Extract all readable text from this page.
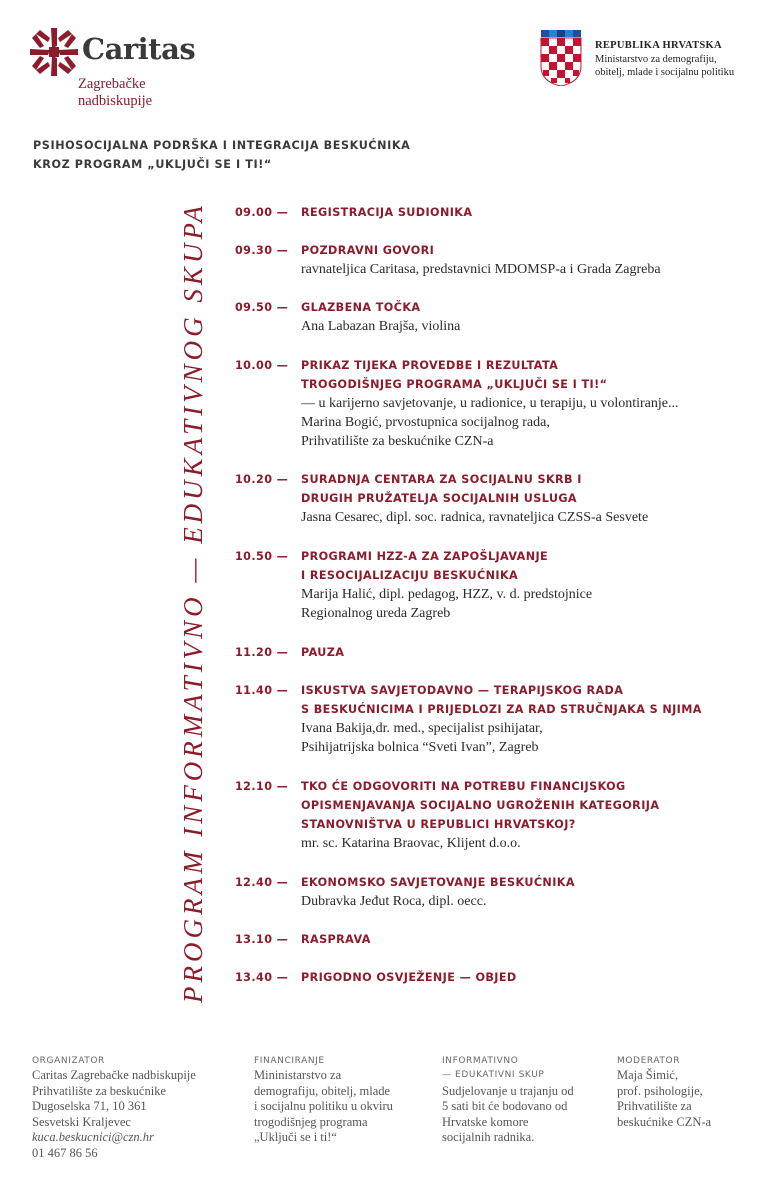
Caritas
Zagrebačke nadbiskupije
REPUBLIKA HRVATSKA
Ministarstvo za demografiju,
obitelj, mlade i socijalnu politiku
PSIHOSOCIJALNA PODRŠKA I INTEGRACIJA BESKUĆNIKA
KROZ PROGRAM „UKLJUČI SE I TI!“
PROGRAM INFORMATIVNO — EDUKATIVNOG SKUPA 09.00 — REGISTRACIJA SUDIONIKA
09.30 — POZDRAVNI GOVORI
ravnateljica Caritasa, predstavnici MDOMSP-a i Grada Zagreba
09.50 — GLAZBENA TOČKA
Ana Labazan Brajša, violina
10.00 — PRIKAZ TIJEKA PROVEDBE I REZULTATA
TROGODIŠNJEG PROGRAMA „UKLJUČI SE I TI!“
— u karijerno savjetovanje, u radionice, u terapiju, u volontiranje...
Marina Bogić, prvostupnica socijalnog rada,
Prihvatilište za beskućnike CZN-a
10.20 — SURADNJA CENTARA ZA SOCIJALNU SKRB I
DRUGIH PRUŽATELJA SOCIJALNIH USLUGA
Jasna Cesarec, dipl. soc. radnica, ravnateljica CZSS-a Sesvete
10.50 — PROGRAMI HZZ-A ZA ZAPOŠLJAVANJE
I RESOCIJALIZACIJU BESKUĆNIKA
Marija Halić, dipl. pedagog, HZZ, v. d. predstojnice
Regionalnog ureda Zagreb
11.20 — PAUZA
11.40 — ISKUSTVA SAVJETODAVNO — TERAPIJSKOG RADA
S BESKUĆNICIMA I PRIJEDLOZI ZA RAD STRUČNJAKA S NJIMA
Ivana Bakija,dr. med., specijalist psihijatar,
Psihijatrijska bolnica “Sveti Ivan”, Zagreb
12.10 — TKO ĆE ODGOVORITI NA POTREBU FINANCIJSKOG
OPISMENJAVANJA SOCIJALNO UGROŽENIH KATEGORIJA
STANOVNIŠTVA U REPUBLICI HRVATSKOJ?
mr. sc. Katarina Braovac, Klijent d.o.o.
12.40 — EKONOMSKO SAVJETOVANJE BESKUĆNIKA
Dubravka Jeđut Roca, dipl. oecc.
13.10 — RASPRAVA
13.40 — PRIGODNO OSVJEŽENJE — OBJED
ORGANIZATOR
Caritas Zagrebačke nadbiskupije
Prihvatilište za beskućnike
Dugoselska 71, 10 361
Sesvetski Kraljevec
kuca.beskucnici@czn.hr
01 467 86 56
FINANCIRANJE
Mininistarstvo za
demografiju, obitelj, mlade
i socijalnu politiku u okviru
trogodišnjeg programa
„Uključi se i ti!“
INFORMATIVNO
— EDUKATIVNI SKUP
Sudjelovanje u trajanju od
5 sati bit će bodovano od
Hrvatske komore
socijalnih radnika.
MODERATOR
Maja Šimić,
prof. psihologije,
Prihvatilište za
beskućnike CZN-a
